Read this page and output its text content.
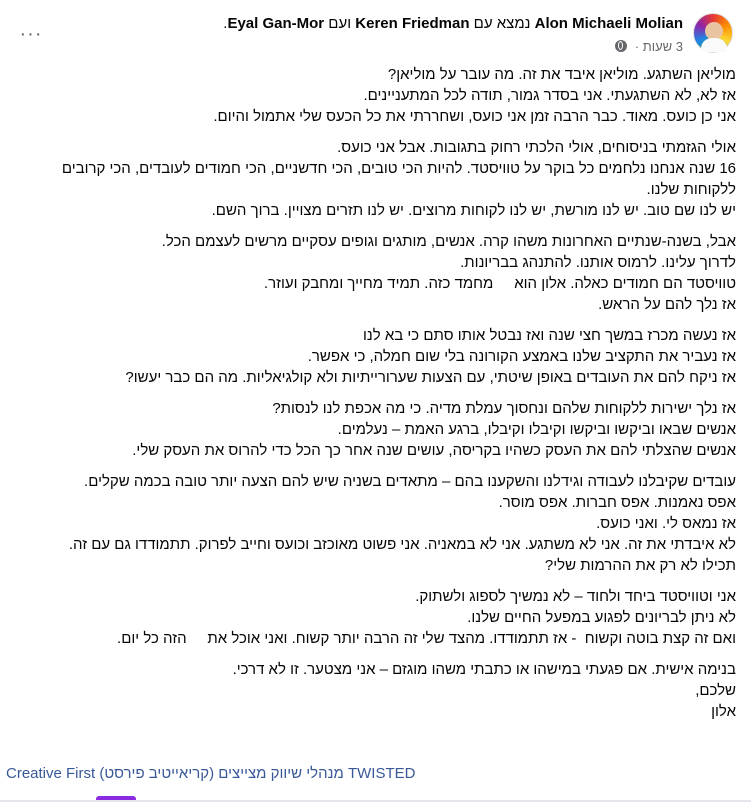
Alon Michaeli Molian נמצא עם Keren Friedman ועם Eyal Gan-Mor.
3 שעות ·
···
מוליאן השתגע. מוליאן איבד את זה. מה עובר על מוליאן?
אז לא, לא השתגעתי. אני בסדר גמור, תודה לכל המתעניינים.
אני כן כועס. מאוד. כבר הרבה זמן אני כועס, ושחררתי את כל הכעס שלי אתמול והיום.
אולי הגזמתי בניסוחים, אולי הלכתי רחוק בתגובות. אבל אני כועס.
16 שנה אנחנו נלחמים כל בוקר על טוויסטד. להיות הכי טובים, הכי חדשניים, הכי חמודים לעובדים, הכי קרובים ללקוחות שלנו.
יש לנו שם טוב. יש לנו מורשת, יש לנו לקוחות מרוצים. יש לנו תזרים מצויין. ברוך השם.
אבל, בשנה-שנתיים האחרונות משהו קרה. אנשים, מותגים וגופים עסקיים מרשים לעצמם הכל.
לדרוך עלינו. לרמוס אותנו. להתנהג בבריונות.
טוויסטד הם חמודים כאלה. אלון הוא     מחמד כזה. תמיד מחייך ומחבק ועוזר.
אז נלך להם על הראש.
אז נעשה מכרז במשך חצי שנה ואז נבטל אותו סתם כי בא לנו
אז נעביר את התקציב שלנו באמצע הקורונה בלי שום חמלה, כי אפשר.
אז ניקח להם את העובדים באופן שיטתי, עם הצעות שערורייתיות ולא קולגיאליות. מה הם כבר יעשו?
אז נלך ישירות ללקוחות שלהם ונחסוך עמלת מדיה. כי מה אכפת לנו לנסות?
אנשים שבאו וביקשו וביקשו וקיבלו וקיבלו, ברגע האמת – נעלמים.
אנשים שהצלתי להם את העסק כשהיו בקריסה, עושים שנה אחר כך הכל כדי להרוס את העסק שלי.
עובדים שקיבלנו לעבודה וגידלנו והשקענו בהם – מתאדים בשניה שיש להם הצעה יותר טובה בכמה שקלים.
אפס נאמנות. אפס חברות. אפס מוסר.
אז נמאס לי. ואני כועס.
לא איבדתי את זה. אני לא משתגע. אני לא במאניה. אני פשוט מאוכזב וכועס וחייב לפרוק. תתמודדו גם עם זה.
תכילו לא רק את ההרמות שלי?
אני וטוויסטד ביחד ולחוד – לא נמשיך לספוג ולשתוק.
לא ניתן לבריונים לפגוע במפעל החיים שלנו.
ואם זה קצת בוטה וקשוח  - אז תתמודדו. מהצד שלי זה הרבה יותר קשוח. ואני אוכל את     הזה כל יום.
בנימה אישית. אם פגעתי במישהו או כתבתי משהו מוגזם – אני מצטער. זו לא דרכי.
שלכם,
אלון
TWISTED מנהלי שיווק מצייצים (קריאייטיב פירסט) Creative First
